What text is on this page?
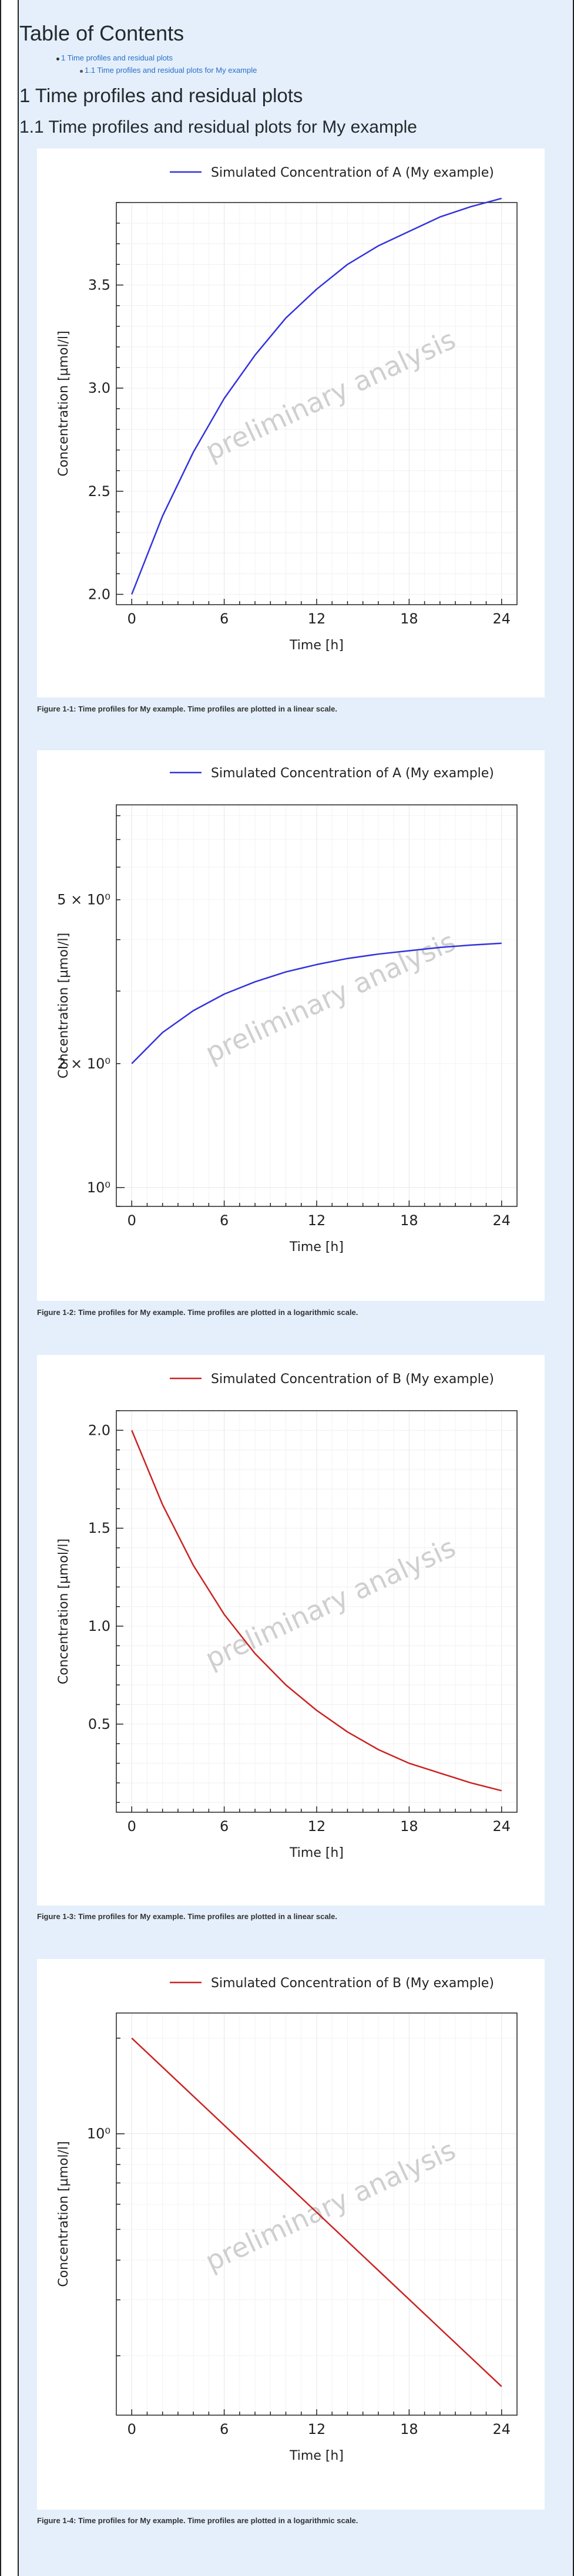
Table of Contents
1 Time profiles and residual plots
1.1 Time profiles and residual plots for My example
1 Time profiles and residual plots
1.1 Time profiles and residual plots for My example
0	6	12	18	24
2.0
2.5
3.0
3.5
Time [h]
Concentration [µmol/l]	preliminary analysis
Simulated Concentration of A (My example)
Figure 1-1: Time profiles for My example. Time profiles are plotted in a linear scale.
0	6	12	18	24
10⁰
2 × 10⁰
5 × 10⁰
Time [h]
Concentration [µmol/l]	preliminary analysis
Simulated Concentration of A (My example)
Figure 1-2: Time profiles for My example. Time profiles are plotted in a logarithmic scale.
0	6	12	18	24
0.5
1.0
1.5
2.0
Time [h]
Concentration [µmol/l]	preliminary analysis
Simulated Concentration of B (My example)
Figure 1-3: Time profiles for My example. Time profiles are plotted in a linear scale.
0	6	12	18	24
10⁰
Time [h]
Concentration [µmol/l]	preliminary analysis
Simulated Concentration of B (My example)
Figure 1-4: Time profiles for My example. Time profiles are plotted in a logarithmic scale.
